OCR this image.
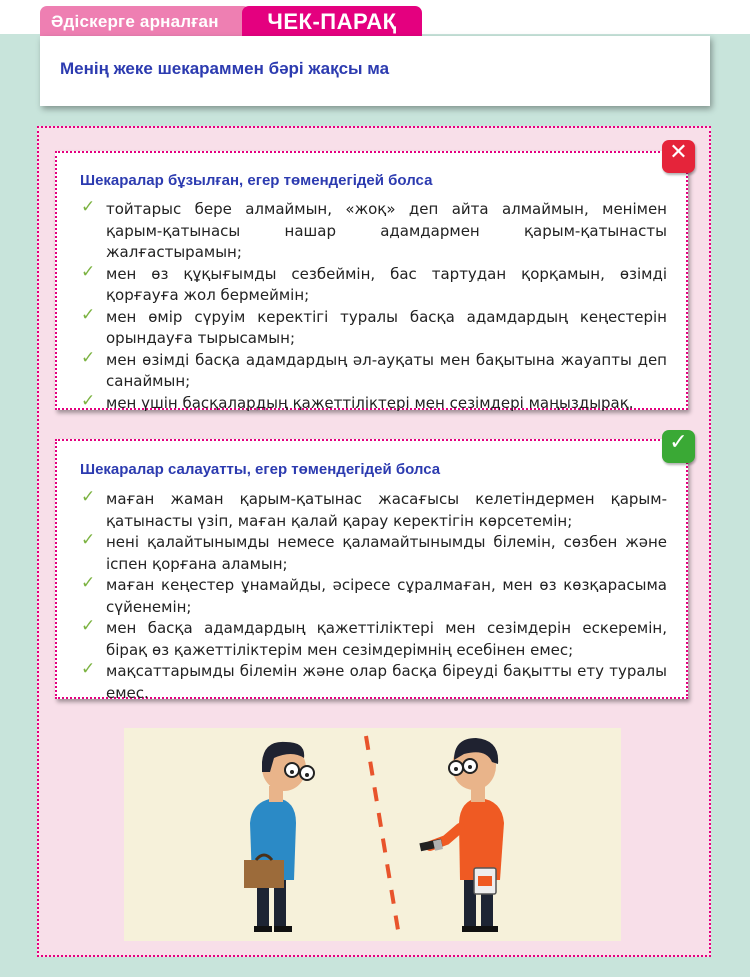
Әдіскерге арналған	ЧЕК-ПАРАҚ
Менің жеке шекараммен бәрі жақсы ма
Шекаралар бұзылған, егер төмендегідей болса
✓ тойтарыс бере алмаймын, «жоқ» деп айта алмаймын, менімен қарым-қатынасы нашар адамдармен қарым-қатынасты жалғастырамын;
✓ мен өз құқығымды сезбеймін, бас тартудан қорқамын, өзімді қорғауға жол бермеймін;
✓ мен өмір сүруім керектігі туралы басқа адамдардың кеңестерін орындауға тырысамын;
✓ мен өзімді басқа адамдардың әл-ауқаты мен бақытына жауапты деп санаймын;
✓ мен үшін басқалардың қажеттіліктері мен сезімдері маңыздырақ.
✕
Шекаралар салауатты, егер төмендегідей болса
✓ маған жаман қарым-қатынас жасағысы келетіндермен қарым-қатынасты үзіп, маған қалай қарау керектігін көрсетемін;
✓ нені қалайтынымды немесе қаламайтынымды білемін, сөзбен және іспен қорғана аламын;
✓ маған кеңестер ұнамайды, әсіресе сұралмаған, мен өз көзқарасыма сүйенемін;
✓ мен басқа адамдардың қажеттіліктері мен сезімдерін ескеремін, бірақ өз қажеттіліктерім мен сезімдерімнің есебінен емес;
✓ мақсаттарымды білемін және олар басқа біреуді бақытты ету туралы емес.
✓
